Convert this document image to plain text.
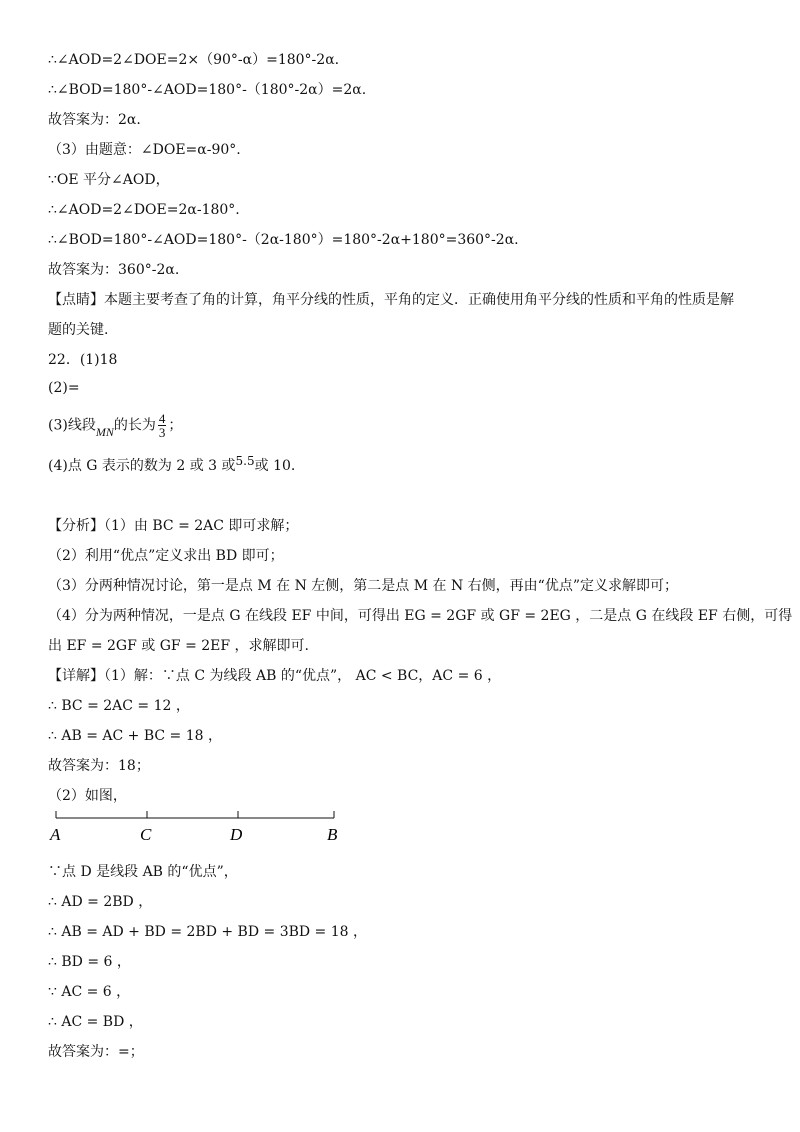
∴∠AOD=2∠DOE=2×（90°-α）=180°-2α.
∴∠BOD=180°-∠AOD=180°-（180°-2α）=2α.
故答案为：2α.
（3）由题意：∠DOE=α-90°.
∵OE 平分∠AOD，
∴∠AOD=2∠DOE=2α-180°.
∴∠BOD=180°-∠AOD=180°-（2α-180°）=180°-2α+180°=360°-2α.
故答案为：360°-2α.
【点睛】本题主要考查了角的计算，角平分线的性质，平角的定义．正确使用角平分线的性质和平角的性质是解
题的关键.
22．(1)18
(2)=
(3)线段MN的长为 $\frac{4}{3}$ ；
(4)点 G 表示的数为 2 或 3 或5.5或 10.
【分析】（1）由 BC = 2AC 即可求解；
（2）利用“优点”定义求出 BD 即可；
（3）分两种情况讨论，第一是点 M 在 N 左侧，第二是点 M 在 N 右侧，再由“优点”定义求解即可；
（4）分为两种情况，一是点 G 在线段 EF 中间，可得出 EG = 2GF 或 GF = 2EG ，二是点 G 在线段 EF 右侧，可得
出 EF = 2GF 或 GF = 2EF ，求解即可.
【详解】（1）解：∵点 C 为线段 AB 的“优点”， AC < BC，AC = 6 ，
∴ BC = 2AC = 12 ，
∴ AB = AC + BC = 18 ，
故答案为：18；
（2）如图，
A	C	D	B
∵点 D 是线段 AB 的“优点”，
∴ AD = 2BD ，
∴ AB = AD + BD = 2BD + BD = 3BD = 18 ，
∴ BD = 6 ，
∵ AC = 6 ，
∴ AC = BD ，
故答案为：=；
